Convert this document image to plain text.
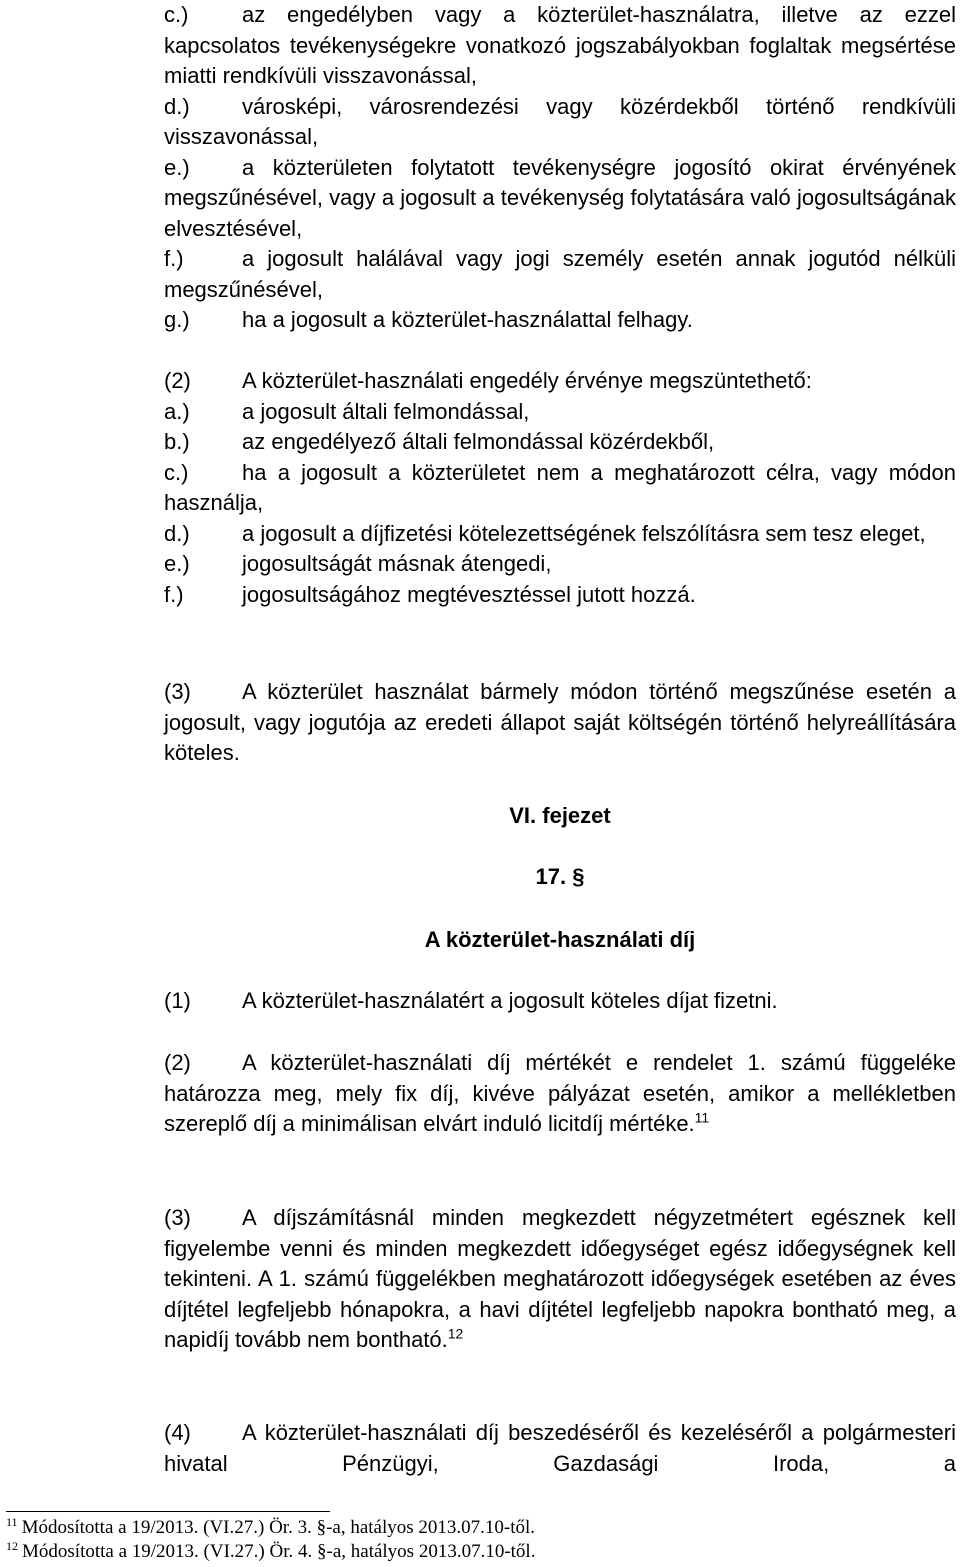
c.) az engedélyben vagy a közterület-használatra, illetve az ezzel kapcsolatos tevékenységekre vonatkozó jogszabályokban foglaltak megsértése miatti rendkívüli visszavonással,
d.) városképi, városrendezési vagy közérdekből történő rendkívüli visszavonással,
e.) a közterületen folytatott tevékenységre jogosító okirat érvényének megszűnésével, vagy a jogosult a tevékenység folytatására való jogosultságának elvesztésével,
f.)	a jogosult halálával vagy jogi személy esetén annak jogutód nélküli megszűnésével,
g.) ha a jogosult a közterület-használattal felhagy.
(2) A közterület-használati engedély érvénye megszüntethető:
a.) a jogosult általi felmondással,
b.) az engedélyező általi felmondással közérdekből,
c.) ha a jogosult a közterületet nem a meghatározott célra, vagy módon használja,
d.) a jogosult a díjfizetési kötelezettségének felszólításra sem tesz eleget,
e.) jogosultságát másnak átengedi,
f.)	jogosultságához megtévesztéssel jutott hozzá.
(3) A közterület használat bármely módon történő megszűnése esetén a jogosult, vagy jogutója az eredeti állapot saját költségén történő helyreállítására köteles.
VI. fejezet
17. §
A közterület-használati díj
(1) A közterület-használatért a jogosult köteles díjat fizetni.
(2) A közterület-használati díj mértékét e rendelet 1. számú függeléke határozza meg, mely fix díj, kivéve pályázat esetén, amikor a mellékletben szereplő díj a minimálisan elvárt induló licitdíj mértéke.$^{11}$
(3) A díjszámításnál minden megkezdett négyzetmétert egésznek kell figyelembe venni és minden megkezdett időegységet egész időegységnek kell tekinteni. A 1. számú függelékben meghatározott időegységek esetében az éves díjtétel legfeljebb hónapokra, a havi díjtétel legfeljebb napokra bontható meg, a napidíj tovább nem bontható.$^{12}$
(4) A közterület-használati díj beszedéséről és kezeléséről a polgármesteri hivatal Pénzügyi, Gazdasági Iroda, a
$^{11}$ Módosította a 19/2013. (VI.27.) Ör. 3. §-a, hatályos 2013.07.10-től.
$^{12}$ Módosította a 19/2013. (VI.27.) Ör. 4. §-a, hatályos 2013.07.10-től.
